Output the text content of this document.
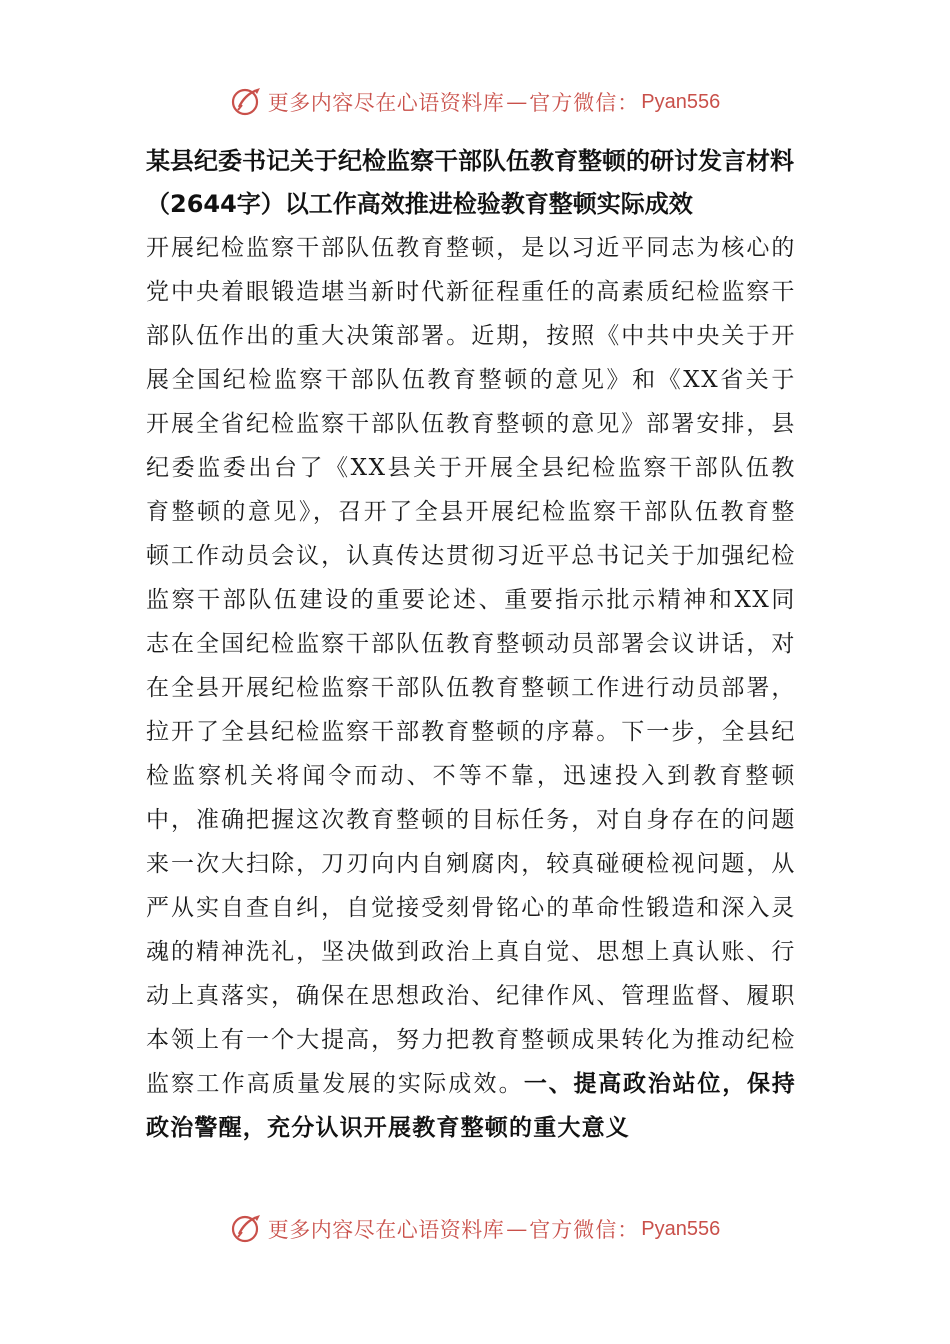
更多内容尽在心语资料库 — 官方微信： Pyan556

某县纪委书记关于纪检监察干部队伍教育整顿的研讨发言材料（2644字）以工作高效推进检验教育整顿实际成效

开展纪检监察干部队伍教育整顿，是以习近平同志为核心的党中央着眼锻造堪当新时代新征程重任的高素质纪检监察干部队伍作出的重大决策部署。近期，按照《中共中央关于开展全国纪检监察干部队伍教育整顿的意见》和《XX省关于开展全省纪检监察干部队伍教育整顿的意见》部署安排，县纪委监委出台了《XX县关于开展全县纪检监察干部队伍教育整顿的意见》，召开了全县开展纪检监察干部队伍教育整顿工作动员会议，认真传达贯彻习近平总书记关于加强纪检监察干部队伍建设的重要论述、重要指示批示精神和XX同志在全国纪检监察干部队伍教育整顿动员部署会议讲话，对在全县开展纪检监察干部队伍教育整顿工作进行动员部署，拉开了全县纪检监察干部教育整顿的序幕。下一步，全县纪检监察机关将闻令而动、不等不靠，迅速投入到教育整顿中，准确把握这次教育整顿的目标任务，对自身存在的问题来一次大扫除，刀刃向内自剜腐肉，较真碰硬检视问题，从严从实自查自纠，自觉接受刻骨铭心的革命性锻造和深入灵魂的精神洗礼，坚决做到政治上真自觉、思想上真认账、行动上真落实，确保在思想政治、纪律作风、管理监督、履职本领上有一个大提高，努力把教育整顿成果转化为推动纪检监察工作高质量发展的实际成效。一、提高政治站位，保持政治警醒，充分认识开展教育整顿的重大意义

更多内容尽在心语资料库 — 官方微信： Pyan556
